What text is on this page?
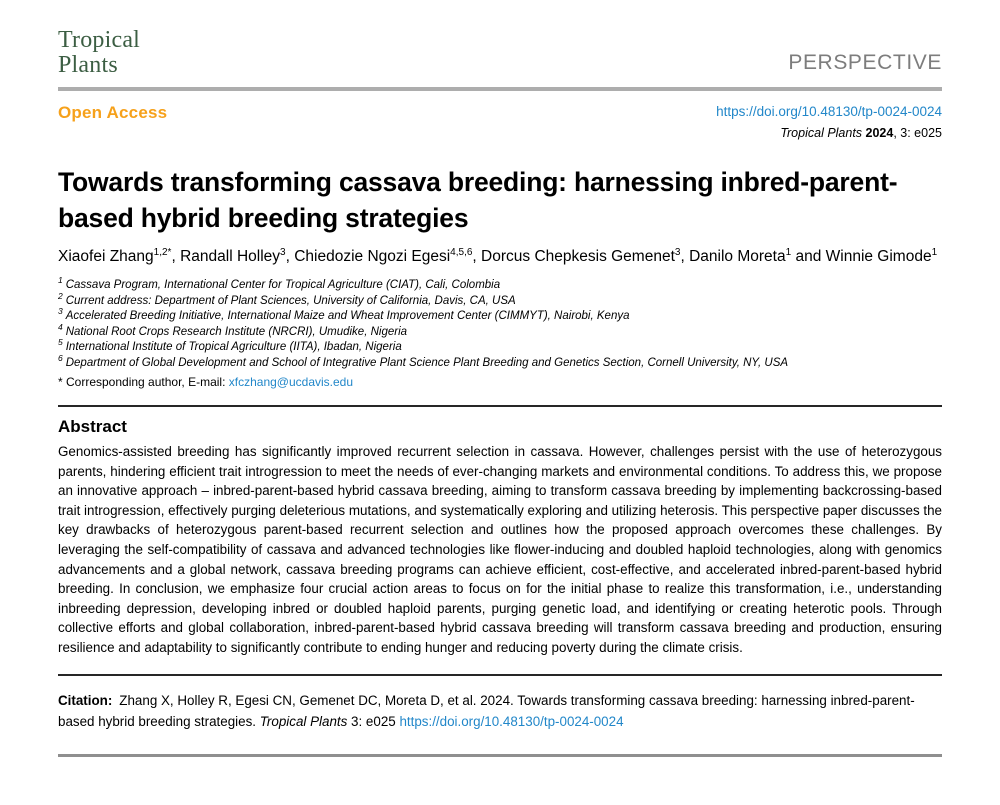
Tropical
Plants	PERSPECTIVE
Open Access	https://doi.org/10.48130/tp-0024-0024
Tropical Plants 2024, 3: e025
Towards transforming cassava breeding: harnessing inbred-parent-based hybrid breeding strategies
Xiaofei Zhang$^{1,2*}$, Randall Holley$^3$, Chiedozie Ngozi Egesi$^{4,5,6}$, Dorcus Chepkesis Gemenet$^3$, Danilo Moreta$^1$ and Winnie Gimode$^1$
$^1$ Cassava Program, International Center for Tropical Agriculture (CIAT), Cali, Colombia
$^2$ Current address: Department of Plant Sciences, University of California, Davis, CA, USA
$^3$ Accelerated Breeding Initiative, International Maize and Wheat Improvement Center (CIMMYT), Nairobi, Kenya
$^4$ National Root Crops Research Institute (NRCRI), Umudike, Nigeria
$^5$ International Institute of Tropical Agriculture (IITA), Ibadan, Nigeria
$^6$ Department of Global Development and School of Integrative Plant Science Plant Breeding and Genetics Section, Cornell University, NY, USA
* Corresponding author, E-mail: xfczhang@ucdavis.edu
Abstract
Genomics-assisted breeding has significantly improved recurrent selection in cassava. However, challenges persist with the use of heterozygous parents, hindering efficient trait introgression to meet the needs of ever-changing markets and environmental conditions. To address this, we propose an innovative approach – inbred-parent-based hybrid cassava breeding, aiming to transform cassava breeding by implementing backcrossing-based trait introgression, effectively purging deleterious mutations, and systematically exploring and utilizing heterosis. This perspective paper discusses the key drawbacks of heterozygous parent-based recurrent selection and outlines how the proposed approach overcomes these challenges. By leveraging the self-compatibility of cassava and advanced technologies like flower-inducing and doubled haploid technologies, along with genomics advancements and a global network, cassava breeding programs can achieve efficient, cost-effective, and accelerated inbred-parent-based hybrid breeding. In conclusion, we emphasize four crucial action areas to focus on for the initial phase to realize this transformation, i.e., understanding inbreeding depression, developing inbred or doubled haploid parents, purging genetic load, and identifying or creating heterotic pools. Through collective efforts and global collaboration, inbred-parent-based hybrid cassava breeding will transform cassava breeding and production, ensuring resilience and adaptability to significantly contribute to ending hunger and reducing poverty during the climate crisis.
Citation: Zhang X, Holley R, Egesi CN, Gemenet DC, Moreta D, et al. 2024. Towards transforming cassava breeding: harnessing inbred-parent-based hybrid breeding strategies. Tropical Plants 3: e025 https://doi.org/10.48130/tp-0024-0024
